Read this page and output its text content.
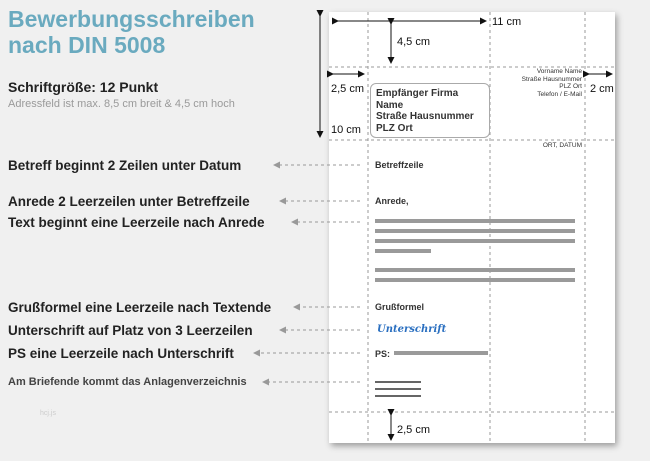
Bewerbungsschreiben
nach DIN 5008
Schriftgröße: 12 Punkt
Adressfeld ist max. 8,5 cm breit & 4,5 cm hoch
Betreff beginnt 2 Zeilen unter Datum
Anrede 2 Leerzeilen unter Betreffzeile
Text beginnt eine Leerzeile nach Anrede
Grußformel eine Leerzeile nach Textende
Unterschrift auf Platz von 3 Leerzeilen
PS eine Leerzeile nach Unterschrift
Am Briefende kommt das Anlagenverzeichnis
hcj.js
11 cm
4,5 cm
2,5 cm	2 cm
10 cm
2,5 cm
Vorname Name
Straße Hausnummer
PLZ Ort
Telefon / E-Mail
ORT, DATUM
Empfänger Firma
Name
Straße Hausnummer
PLZ Ort
Betreffzeile
Anrede,
Grußformel
Unterschrift
PS:
